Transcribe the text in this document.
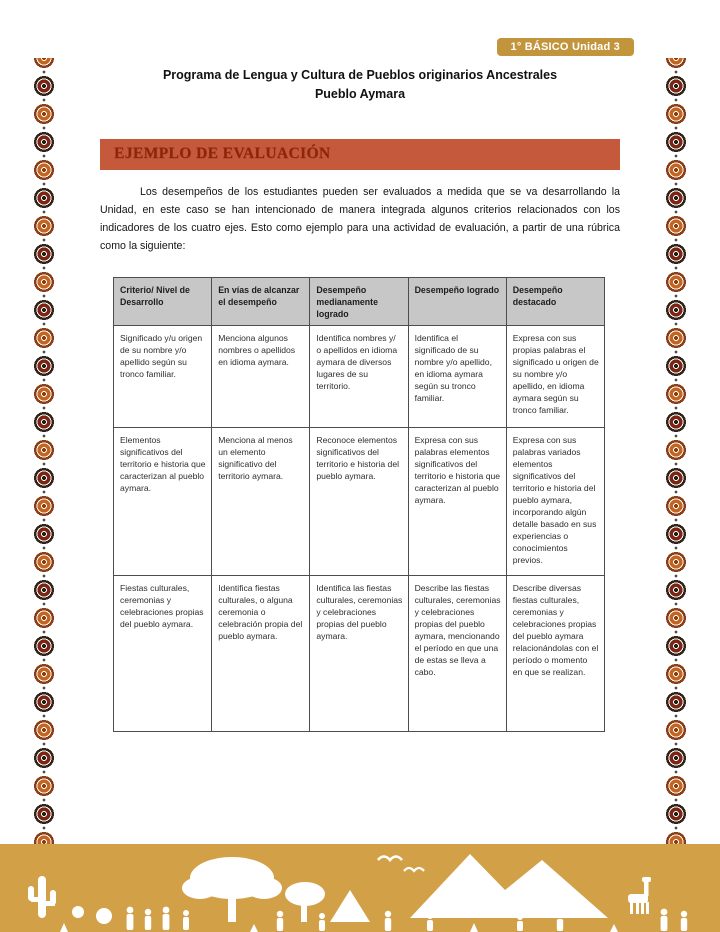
1° BÁSICO Unidad 3
Programa de Lengua y Cultura de Pueblos originarios Ancestrales
Pueblo Aymara
EJEMPLO DE EVALUACIÓN

Los desempeños de los estudiantes pueden ser evaluados a medida que se va desarrollando la Unidad, en este caso se han intencionado de manera integrada algunos criterios relacionados con los indicadores de los cuatro ejes. Esto como ejemplo para una actividad de evaluación, a partir de una rúbrica como la siguiente:

Criterio/ Nivel de Desarrollo	En vías de alcanzar el desempeño	Desempeño medianamente logrado	Desempeño logrado	Desempeño destacado
Significado y/u origen de su nombre y/o apellido según su tronco familiar.	Menciona algunos nombres o apellidos en idioma aymara.	Identifica nombres y/ o apellidos en idioma aymara de diversos lugares de su territorio.	Identifica el significado de su nombre y/o apellido, en idioma aymara según su tronco familiar.	Expresa con sus propias palabras el significado u origen de su nombre y/o apellido, en idioma aymara según su tronco familiar.
Elementos significativos del territorio e historia que caracterizan al pueblo aymara.	Menciona al menos un elemento significativo del territorio aymara.	Reconoce elementos significativos del territorio e historia del pueblo aymara.	Expresa con sus palabras elementos significativos del territorio e historia que caracterizan al pueblo aymara.	Expresa con sus palabras variados elementos significativos del territorio e historia del pueblo aymara, incorporando algún detalle basado en sus experiencias o conocimientos previos.
Fiestas culturales, ceremonias y celebraciones propias del pueblo aymara.	Identifica fiestas culturales, o alguna ceremonia o celebración propia del pueblo aymara.	Identifica las fiestas culturales, ceremonias y celebraciones propias del pueblo aymara.	Describe las fiestas culturales, ceremonias y celebraciones propias del pueblo aymara, mencionando el período en que una de estas se lleva a cabo.	Describe diversas fiestas culturales, ceremonias y celebraciones propias del pueblo aymara relacionándolas con el período o momento en que se realizan.
